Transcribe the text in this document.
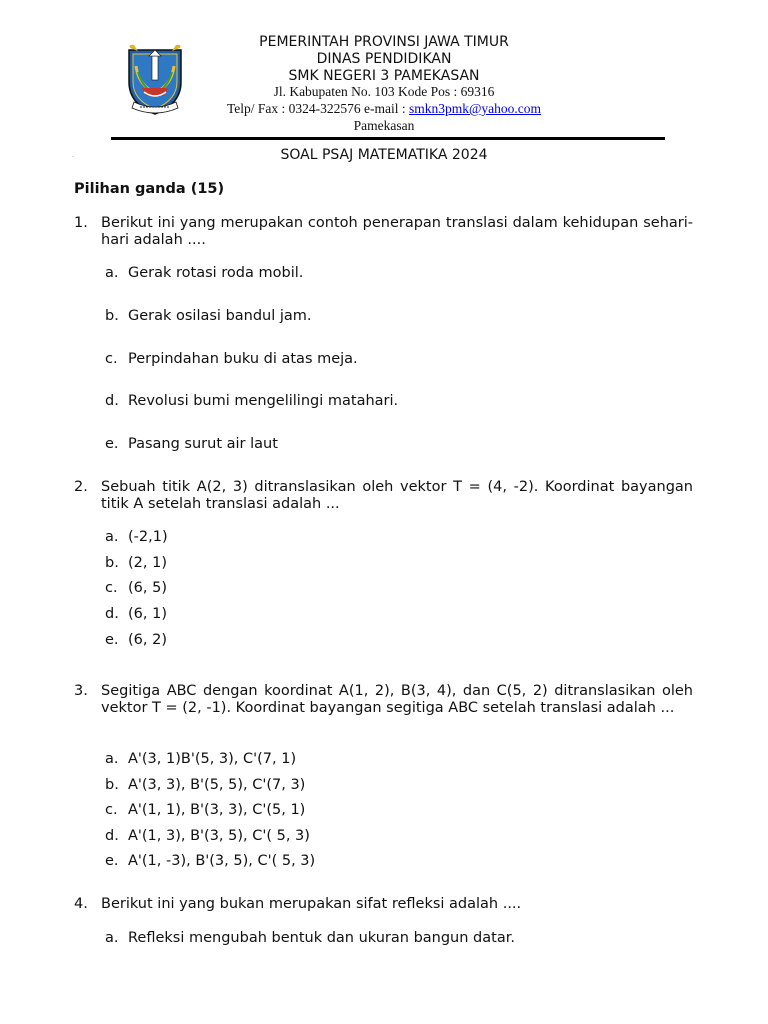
PEMERINTAH PROVINSI JAWA TIMUR
DINAS PENDIDIKAN
SMK NEGERI 3 PAMEKASAN
Jl. Kabupaten No. 103 Kode Pos : 69316
Telp/ Fax : 0324-322576 e-mail : smkn3pmk@yahoo.com
Pamekasan
SOAL PSAJ MATEMATIKA 2024
Pilihan ganda (15)
1. Berikut ini yang merupakan contoh penerapan translasi dalam kehidupan sehari-hari adalah ....
a. Gerak rotasi roda mobil.
b. Gerak osilasi bandul jam.
c. Perpindahan buku di atas meja.
d. Revolusi bumi mengelilingi matahari.
e. Pasang surut air laut
2. Sebuah titik A(2, 3) ditranslasikan oleh vektor T = (4, -2). Koordinat bayangan titik A setelah translasi adalah ...
a. (-2,1)
b. (2, 1)
c. (6, 5)
d. (6, 1)
e. (6, 2)
3. Segitiga ABC dengan koordinat A(1, 2), B(3, 4), dan C(5, 2) ditranslasikan oleh vektor T = (2, -1). Koordinat bayangan segitiga ABC setelah translasi adalah ...
a. A'(3, 1)B'(5, 3), C'(7, 1)
b. A'(3, 3), B'(5, 5), C'(7, 3)
c. A'(1, 1), B'(3, 3), C'(5, 1)
d. A'(1, 3), B'(3, 5), C'( 5, 3)
e. A'(1, -3), B'(3, 5), C'( 5, 3)
4. Berikut ini yang bukan merupakan sifat refleksi adalah ....
a. Refleksi mengubah bentuk dan ukuran bangun datar.
